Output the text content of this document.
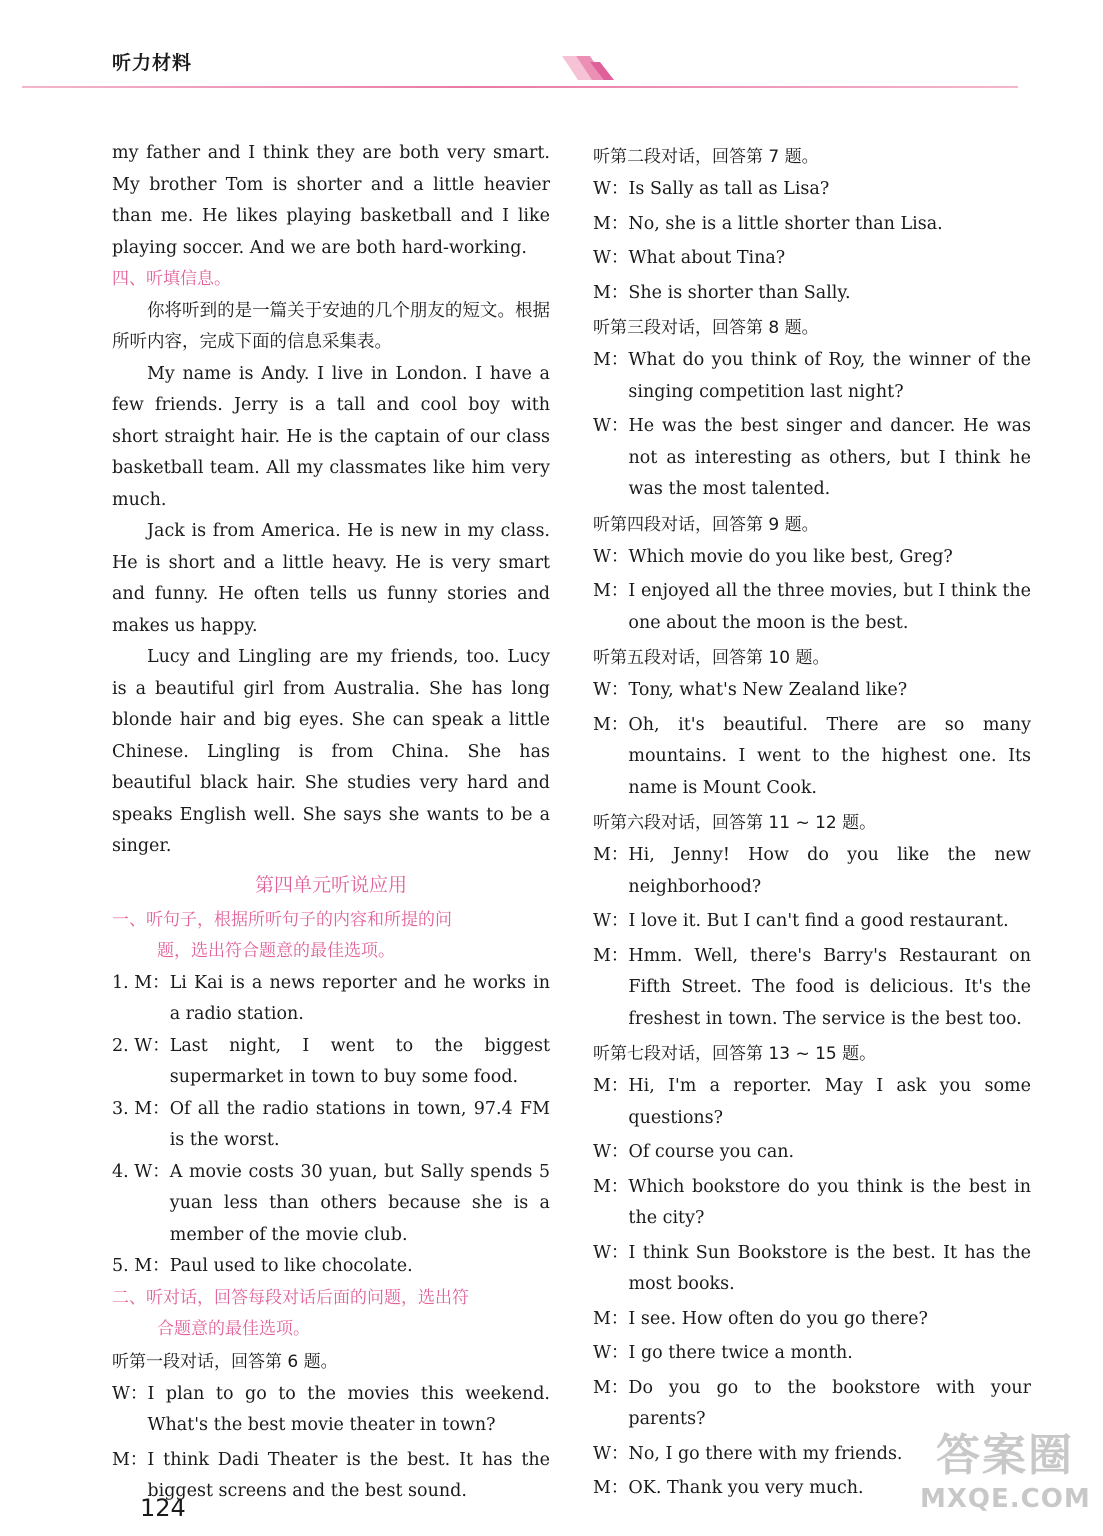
听力材料

my father and I think they are both very smart. My brother Tom is shorter and a little heavier than me. He likes playing basketball and I like playing soccer. And we are both hard-working.

四、听填信息。

你将听到的是一篇关于安迪的几个朋友的短文。根据所听内容，完成下面的信息采集表。

My name is Andy. I live in London. I have a few friends. Jerry is a tall and cool boy with short straight hair. He is the captain of our class basketball team. All my classmates like him very much.

Jack is from America. He is new in my class. He is short and a little heavy. He is very smart and funny. He often tells us funny stories and makes us happy.

Lucy and Lingling are my friends, too. Lucy is a beautiful girl from Australia. She has long blonde hair and big eyes. She can speak a little Chinese. Lingling is from China. She has beautiful black hair. She studies very hard and speaks English well. She says she wants to be a singer.

第四单元听说应用

一、听句子，根据所听句子的内容和所提的问
题，选出符合题意的最佳选项。

1. M： Li Kai is a news reporter and he works in a radio station.
2. W： Last night, I went to the biggest supermarket in town to buy some food.
3. M： Of all the radio stations in town, 97.4 FM is the worst.
4. W： A movie costs 30 yuan, but Sally spends 5 yuan less than others because she is a member of the movie club.
5. M： Paul used to like chocolate.

二、听对话，回答每段对话后面的问题，选出符
合题意的最佳选项。

听第一段对话，回答第 6 题。

W： I plan to go to the movies this weekend. What's the best movie theater in town?
M： I think Dadi Theater is the best. It has the biggest screens and the best sound.

听第二段对话，回答第 7 题。

W： Is Sally as tall as Lisa?
M： No, she is a little shorter than Lisa.
W： What about Tina?
M： She is shorter than Sally.

听第三段对话，回答第 8 题。

M： What do you think of Roy, the winner of the singing competition last night?
W： He was the best singer and dancer. He was not as interesting as others, but I think he was the most talented.

听第四段对话，回答第 9 题。

W： Which movie do you like best, Greg?
M： I enjoyed all the three movies, but I think the one about the moon is the best.

听第五段对话，回答第 10 题。

W： Tony, what's New Zealand like?
M： Oh, it's beautiful. There are so many mountains. I went to the highest one. Its name is Mount Cook.

听第六段对话，回答第 11 ~ 12 题。

M： Hi, Jenny! How do you like the new neighborhood?
W： I love it. But I can't find a good restaurant.
M： Hmm. Well, there's Barry's Restaurant on Fifth Street. The food is delicious. It's the freshest in town. The service is the best too.

听第七段对话，回答第 13 ~ 15 题。

M： Hi, I'm a reporter. May I ask you some questions?
W： Of course you can.
M： Which bookstore do you think is the best in the city?
W： I think Sun Bookstore is the best. It has the most books.
M： I see. How often do you go there?
W： I go there twice a month.
M： Do you go to the bookstore with your parents?
W： No, I go there with my friends.
M： OK. Thank you very much.
124
答案圈
MXQE.COM
